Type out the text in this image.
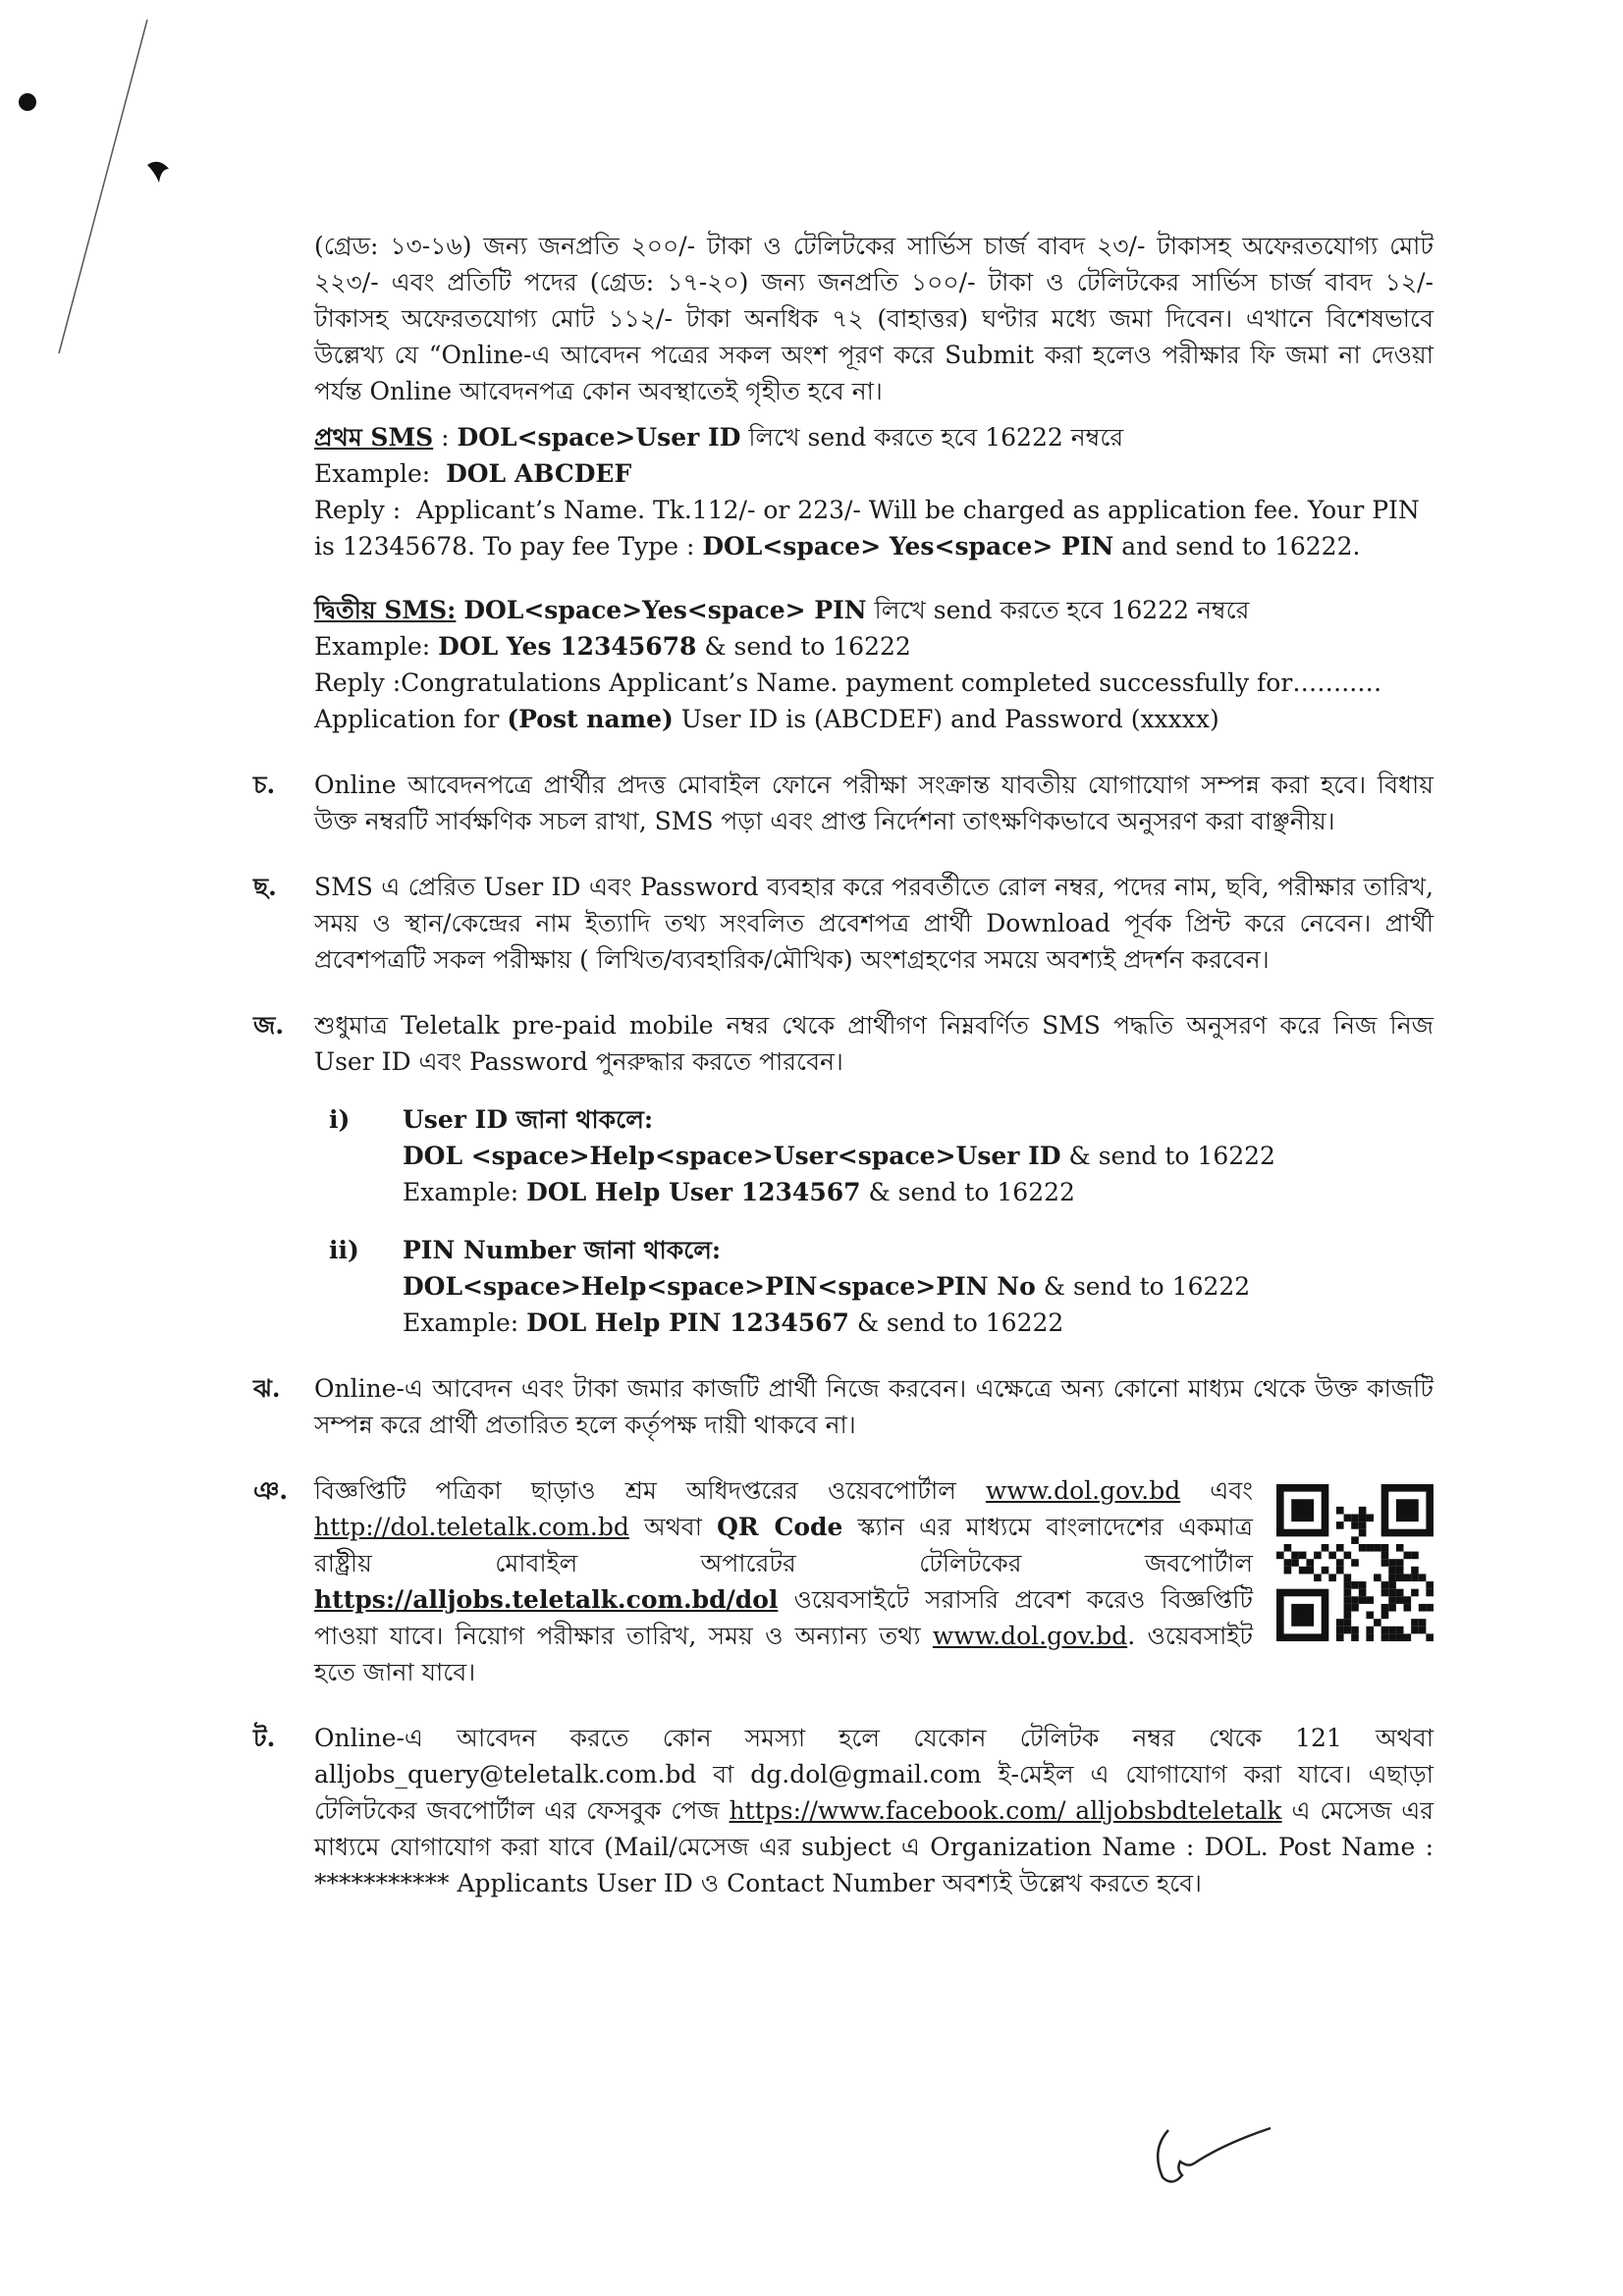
(গ্রেড: ১৩-১৬) জন্য জনপ্রতি ২০০/- টাকা ও টেলিটকের সার্ভিস চার্জ বাবদ ২৩/- টাকাসহ অফেরতযোগ্য মোট ২২৩/- এবং প্রতিটি পদের (গ্রেড: ১৭-২০) জন্য জনপ্রতি ১০০/- টাকা ও টেলিটকের সার্ভিস চার্জ বাবদ ১২/- টাকাসহ অফেরতযোগ্য মোট ১১২/- টাকা অনধিক ৭২ (বাহাত্তর) ঘণ্টার মধ্যে জমা দিবেন। এখানে বিশেষভাবে উল্লেখ্য যে “Online-এ আবেদন পত্রের সকল অংশ পূরণ করে Submit করা হলেও পরীক্ষার ফি জমা না দেওয়া পর্যন্ত Online আবেদনপত্র কোন অবস্থাতেই গৃহীত হবে না।

প্রথম SMS : DOL<space>User ID লিখে send করতে হবে 16222 নম্বরে

Example: DOL ABCDEF

Reply : Applicant’s Name. Tk.112/- or 223/- Will be charged as application fee. Your PIN is 12345678. To pay fee Type : DOL<space> Yes<space> PIN and send to 16222.

দ্বিতীয় SMS: DOL<space>Yes<space> PIN লিখে send করতে হবে 16222 নম্বরে

Example: DOL Yes 12345678 & send to 16222

Reply :Congratulations Applicant’s Name. payment completed successfully for……..…

Application for (Post name) User ID is (ABCDEF) and Password (xxxxx)

চ. Online আবেদনপত্রে প্রার্থীর প্রদত্ত মোবাইল ফোনে পরীক্ষা সংক্রান্ত যাবতীয় যোগাযোগ সম্পন্ন করা হবে। বিধায় উক্ত নম্বরটি সার্বক্ষণিক সচল রাখা, SMS পড়া এবং প্রাপ্ত নির্দেশনা তাৎক্ষণিকভাবে অনুসরণ করা বাঞ্ছনীয়।

ছ. SMS এ প্রেরিত User ID এবং Password ব্যবহার করে পরবর্তীতে রোল নম্বর, পদের নাম, ছবি, পরীক্ষার তারিখ, সময় ও স্থান/কেন্দ্রের নাম ইত্যাদি তথ্য সংবলিত প্রবেশপত্র প্রার্থী Download পূর্বক প্রিন্ট করে নেবেন। প্রার্থী প্রবেশপত্রটি সকল পরীক্ষায় ( লিখিত/ব্যবহারিক/মৌখিক) অংশগ্রহণের সময়ে অবশ্যই প্রদর্শন করবেন।

জ. শুধুমাত্র Teletalk pre-paid mobile নম্বর থেকে প্রার্থীগণ নিম্নবর্ণিত SMS পদ্ধতি অনুসরণ করে নিজ নিজ User ID এবং Password পুনরুদ্ধার করতে পারবেন।

i) User ID জানা থাকলে:

DOL <space>Help<space>User<space>User ID & send to 16222

Example: DOL Help User 1234567 & send to 16222

ii) PIN Number জানা থাকলে:

DOL<space>Help<space>PIN<space>PIN No & send to 16222

Example: DOL Help PIN 1234567 & send to 16222

ঝ. Online-এ আবেদন এবং টাকা জমার কাজটি প্রার্থী নিজে করবেন। এক্ষেত্রে অন্য কোনো মাধ্যম থেকে উক্ত কাজটি সম্পন্ন করে প্রার্থী প্রতারিত হলে কর্তৃপক্ষ দায়ী থাকবে না।

ঞ. বিজ্ঞপ্তিটি পত্রিকা ছাড়াও শ্রম অধিদপ্তরের ওয়েবপোর্টাল www.dol.gov.bd এবং http://dol.teletalk.com.bd অথবা QR Code স্ক্যান এর মাধ্যমে বাংলাদেশের একমাত্র রাষ্ট্রীয় মোবাইল অপারেটর টেলিটকের জবপোর্টাল https://alljobs.teletalk.com.bd/dol ওয়েবসাইটে সরাসরি প্রবেশ করেও বিজ্ঞপ্তিটি পাওয়া যাবে। নিয়োগ পরীক্ষার তারিখ, সময় ও অন্যান্য তথ্য www.dol.gov.bd. ওয়েবসাইট হতে জানা যাবে।

ট. Online-এ আবেদন করতে কোন সমস্যা হলে যেকোন টেলিটক নম্বর থেকে 121 অথবা alljobs_query@teletalk.com.bd বা dg.dol@gmail.com ই-মেইল এ যোগাযোগ করা যাবে। এছাড়া টেলিটকের জবপোর্টাল এর ফেসবুক পেজ https://www.facebook.com/ alljobsbdteletalk এ মেসেজ এর মাধ্যমে যোগাযোগ করা যাবে (Mail/মেসেজ এর subject এ Organization Name : DOL. Post Name : *********** Applicants User ID ও Contact Number অবশ্যই উল্লেখ করতে হবে।
